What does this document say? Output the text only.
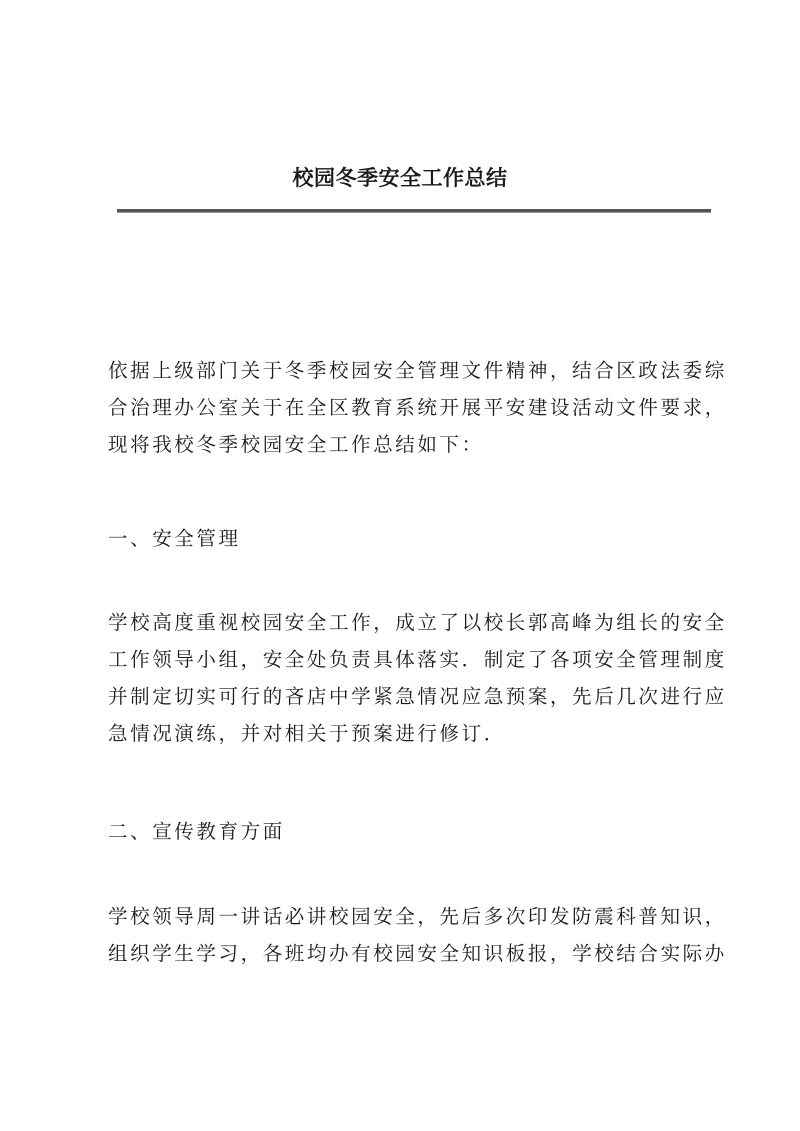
校园冬季安全工作总结
依据上级部门关于冬季校园安全管理文件精神，结合区政法委综
合治理办公室关于在全区教育系统开展平安建设活动文件要求，
现将我校冬季校园安全工作总结如下：
一、安全管理
学校高度重视校园安全工作，成立了以校长郭高峰为组长的安全
工作领导小组，安全处负责具体落实．制定了各项安全管理制度
并制定切实可行的吝店中学紧急情况应急预案，先后几次进行应
急情况演练，并对相关于预案进行修订．
二、宣传教育方面
学校领导周一讲话必讲校园安全，先后多次印发防震科普知识，
组织学生学习，各班均办有校园安全知识板报，学校结合实际办
